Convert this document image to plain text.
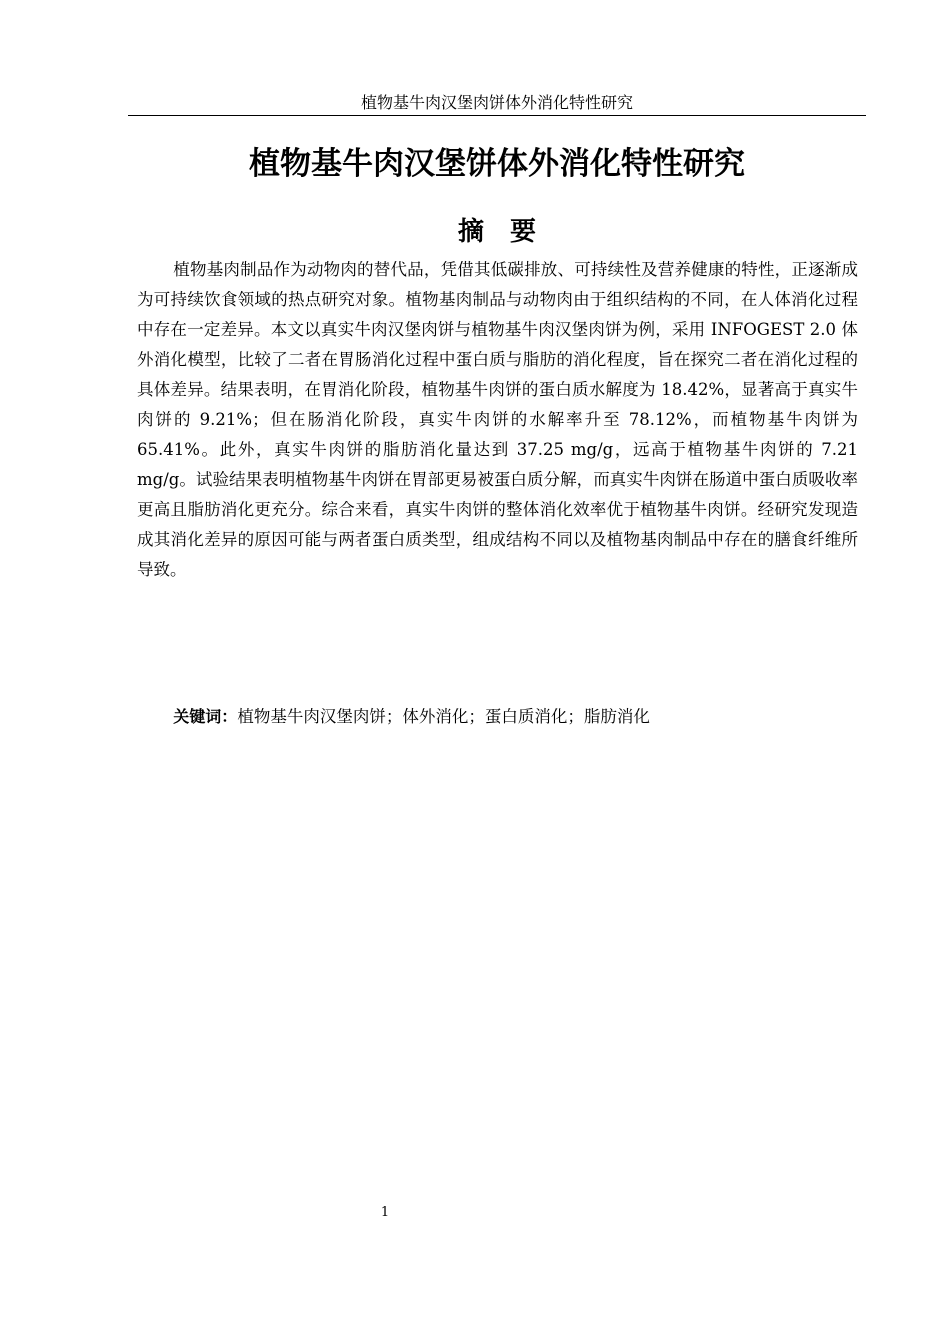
植物基牛肉汉堡肉饼体外消化特性研究
植物基牛肉汉堡饼体外消化特性研究
摘要

植物基肉制品作为动物肉的替代品，凭借其低碳排放、可持续性及营养健康的特性，正逐渐成为可持续饮食领域的热点研究对象。植物基肉制品与动物肉由于组织结构的不同，在人体消化过程中存在一定差异。本文以真实牛肉汉堡肉饼与植物基牛肉汉堡肉饼为例，采用 INFOGEST 2.0 体外消化模型，比较了二者在胃肠消化过程中蛋白质与脂肪的消化程度，旨在探究二者在消化过程的具体差异。结果表明，在胃消化阶段，植物基牛肉饼的蛋白质水解度为 18.42%，显著高于真实牛肉饼的 9.21%；但在肠消化阶段，真实牛肉饼的水解率升至 78.12%，而植物基牛肉饼为 65.41%。此外，真实牛肉饼的脂肪消化量达到 37.25 mg/g，远高于植物基牛肉饼的 7.21 mg/g。试验结果表明植物基牛肉饼在胃部更易被蛋白质分解，而真实牛肉饼在肠道中蛋白质吸收率更高且脂肪消化更充分。综合来看，真实牛肉饼的整体消化效率优于植物基牛肉饼。经研究发现造成其消化差异的原因可能与两者蛋白质类型，组成结构不同以及植物基肉制品中存在的膳食纤维所导致。

关键词：植物基牛肉汉堡肉饼；体外消化；蛋白质消化；脂肪消化
1
